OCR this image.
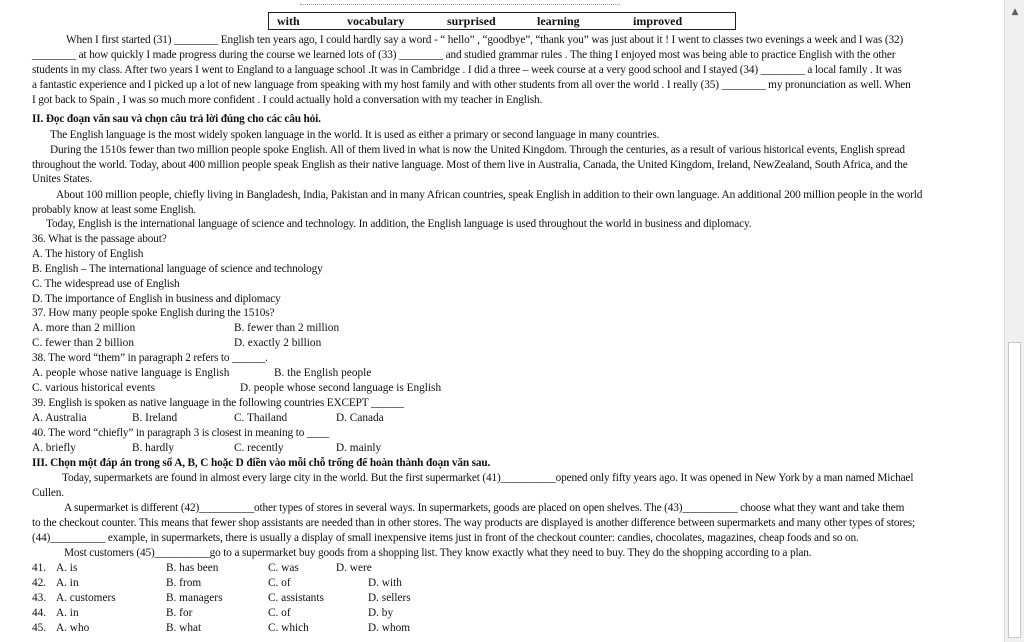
with	vocabulary	surprised	learning	improved
When I first started (31) ________ English ten years ago, I could hardly say a word - “ hello” , “goodbye”, “thank you” was just about it ! I went to classes two evenings a week and I was (32)
________ at how quickly I made progress during the course we learned lots of (33) ________ and studied grammar rules . The thing I enjoyed most was being able to practice English with the other
students in my class. After two years I went to England to a language school .It was in Cambridge . I did a three – week course at a very good school and I stayed (34) ________ a local family . It was
a fantastic experience and I picked up a lot of new language from speaking with my host family and with other students from all over the world . I really (35) ________ my pronunciation as well. When
I got back to Spain , I was so much more confident . I could actually hold a conversation with my teacher in English.
II. Đọc đoạn văn sau và chọn câu trả lời đúng cho các câu hỏi.
The English language is the most widely spoken language in the world. It is used as either a primary or second language in many countries.
During the 1510s fewer than two million people spoke English. All of them lived in what is now the United Kingdom. Through the centuries, as a result of various historical events, English spread
throughout the world. Today, about 400 million people speak English as their native language. Most of them live in Australia, Canada, the United Kingdom, Ireland, NewZealand, South Africa, and the
Unites States.
About 100 million people, chiefly living in Bangladesh, India, Pakistan and in many African countries, speak English in addition to their own language. An additional 200 million people in the world
probably know at least some English.
Today, English is the international language of science and technology. In addition, the English language is used throughout the world in business and diplomacy.
36. What is the passage about?
A. The history of English
B. English – The international language of science and technology
C. The widespread use of English
D. The importance of English in business and diplomacy
37. How many people spoke English during the 1510s?
A. more than 2 million	B. fewer than 2 million
C. fewer than 2 billion	D. exactly 2 billion
38. The word “them” in paragraph 2 refers to ______.
A. people whose native language is English	B. the English people
C. various historical events	D. people whose second language is English
39. English is spoken as native language in the following countries EXCEPT ______
A. Australia	B. Ireland	C. Thailand	D. Canada
40. The word “chiefly” in paragraph 3 is closest in meaning to ____
A. briefly	B. hardly	C. recently	D. mainly
III. Chọn một đáp án trong số A, B, C hoặc D điền vào mỗi chỗ trống để hoàn thành đoạn văn sau.
Today, supermarkets are found in almost every large city in the world. But the first supermarket (41)__________opened only fifty years ago. It was opened in New York by a man named Michael
Cullen.
A supermarket is different (42)__________other types of stores in several ways. In supermarkets, goods are placed on open shelves. The (43)__________ choose what they want and take them
to the checkout counter. This means that fewer shop assistants are needed than in other stores. The way products are displayed is another difference between supermarkets and many other types of stores;
(44)__________ example, in supermarkets, there is usually a display of small inexpensive items just in front of the checkout counter: candies, chocolates, magazines, cheap foods and so on.
Most customers (45)__________go to a supermarket buy goods from a shopping list. They know exactly what they need to buy. They do the shopping according to a plan.
41. A. is	B. has been	C. was	D. were
42. A. in	B. from	C. of	D. with
43. A. customers	B. managers	C. assistants	D. sellers
44. A. in	B. for	C. of	D. by
45. A. who	B. what	C. which	D. whom
▲
